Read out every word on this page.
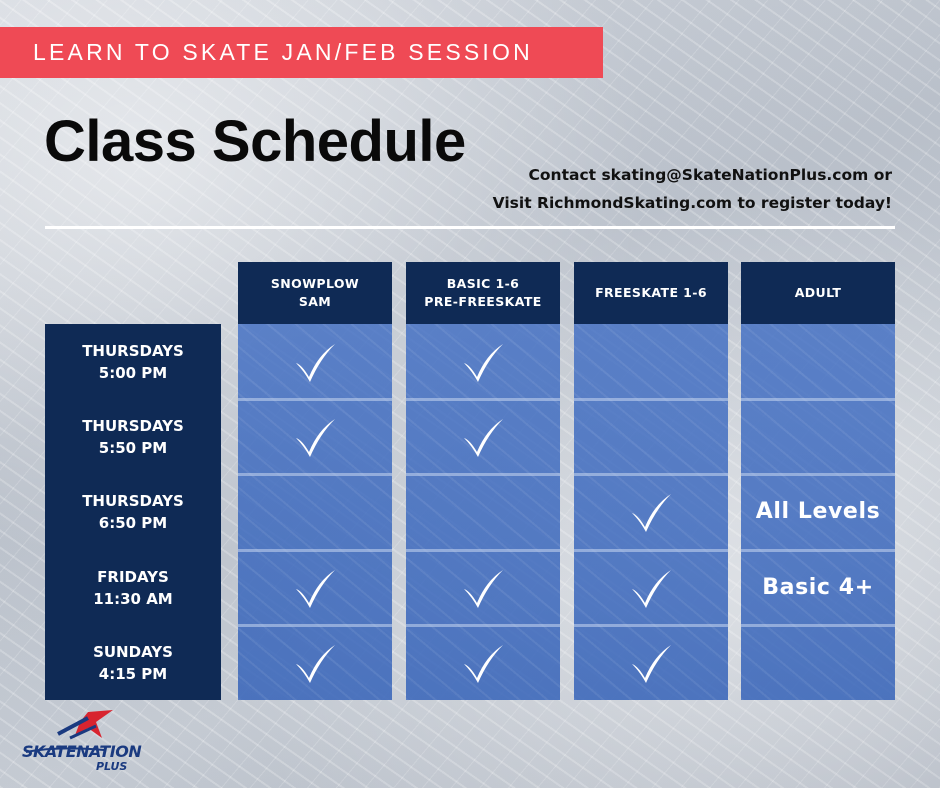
LEARN TO SKATE JAN/FEB SESSION
Class Schedule
Contact skating@SkateNationPlus.com or
Visit RichmondSkating.com to register today!
SNOWPLOW
SAM
BASIC 1-6
PRE-FREESKATE
FREESKATE 1-6	ADULT
THURSDAYS
5:00 PM
THURSDAYS
5:50 PM
THURSDAYS
6:50 PM
FRIDAYS
11:30 AM
SUNDAYS
4:15 PM
All Levels
Basic 4+
SKATENATION
PLUS
